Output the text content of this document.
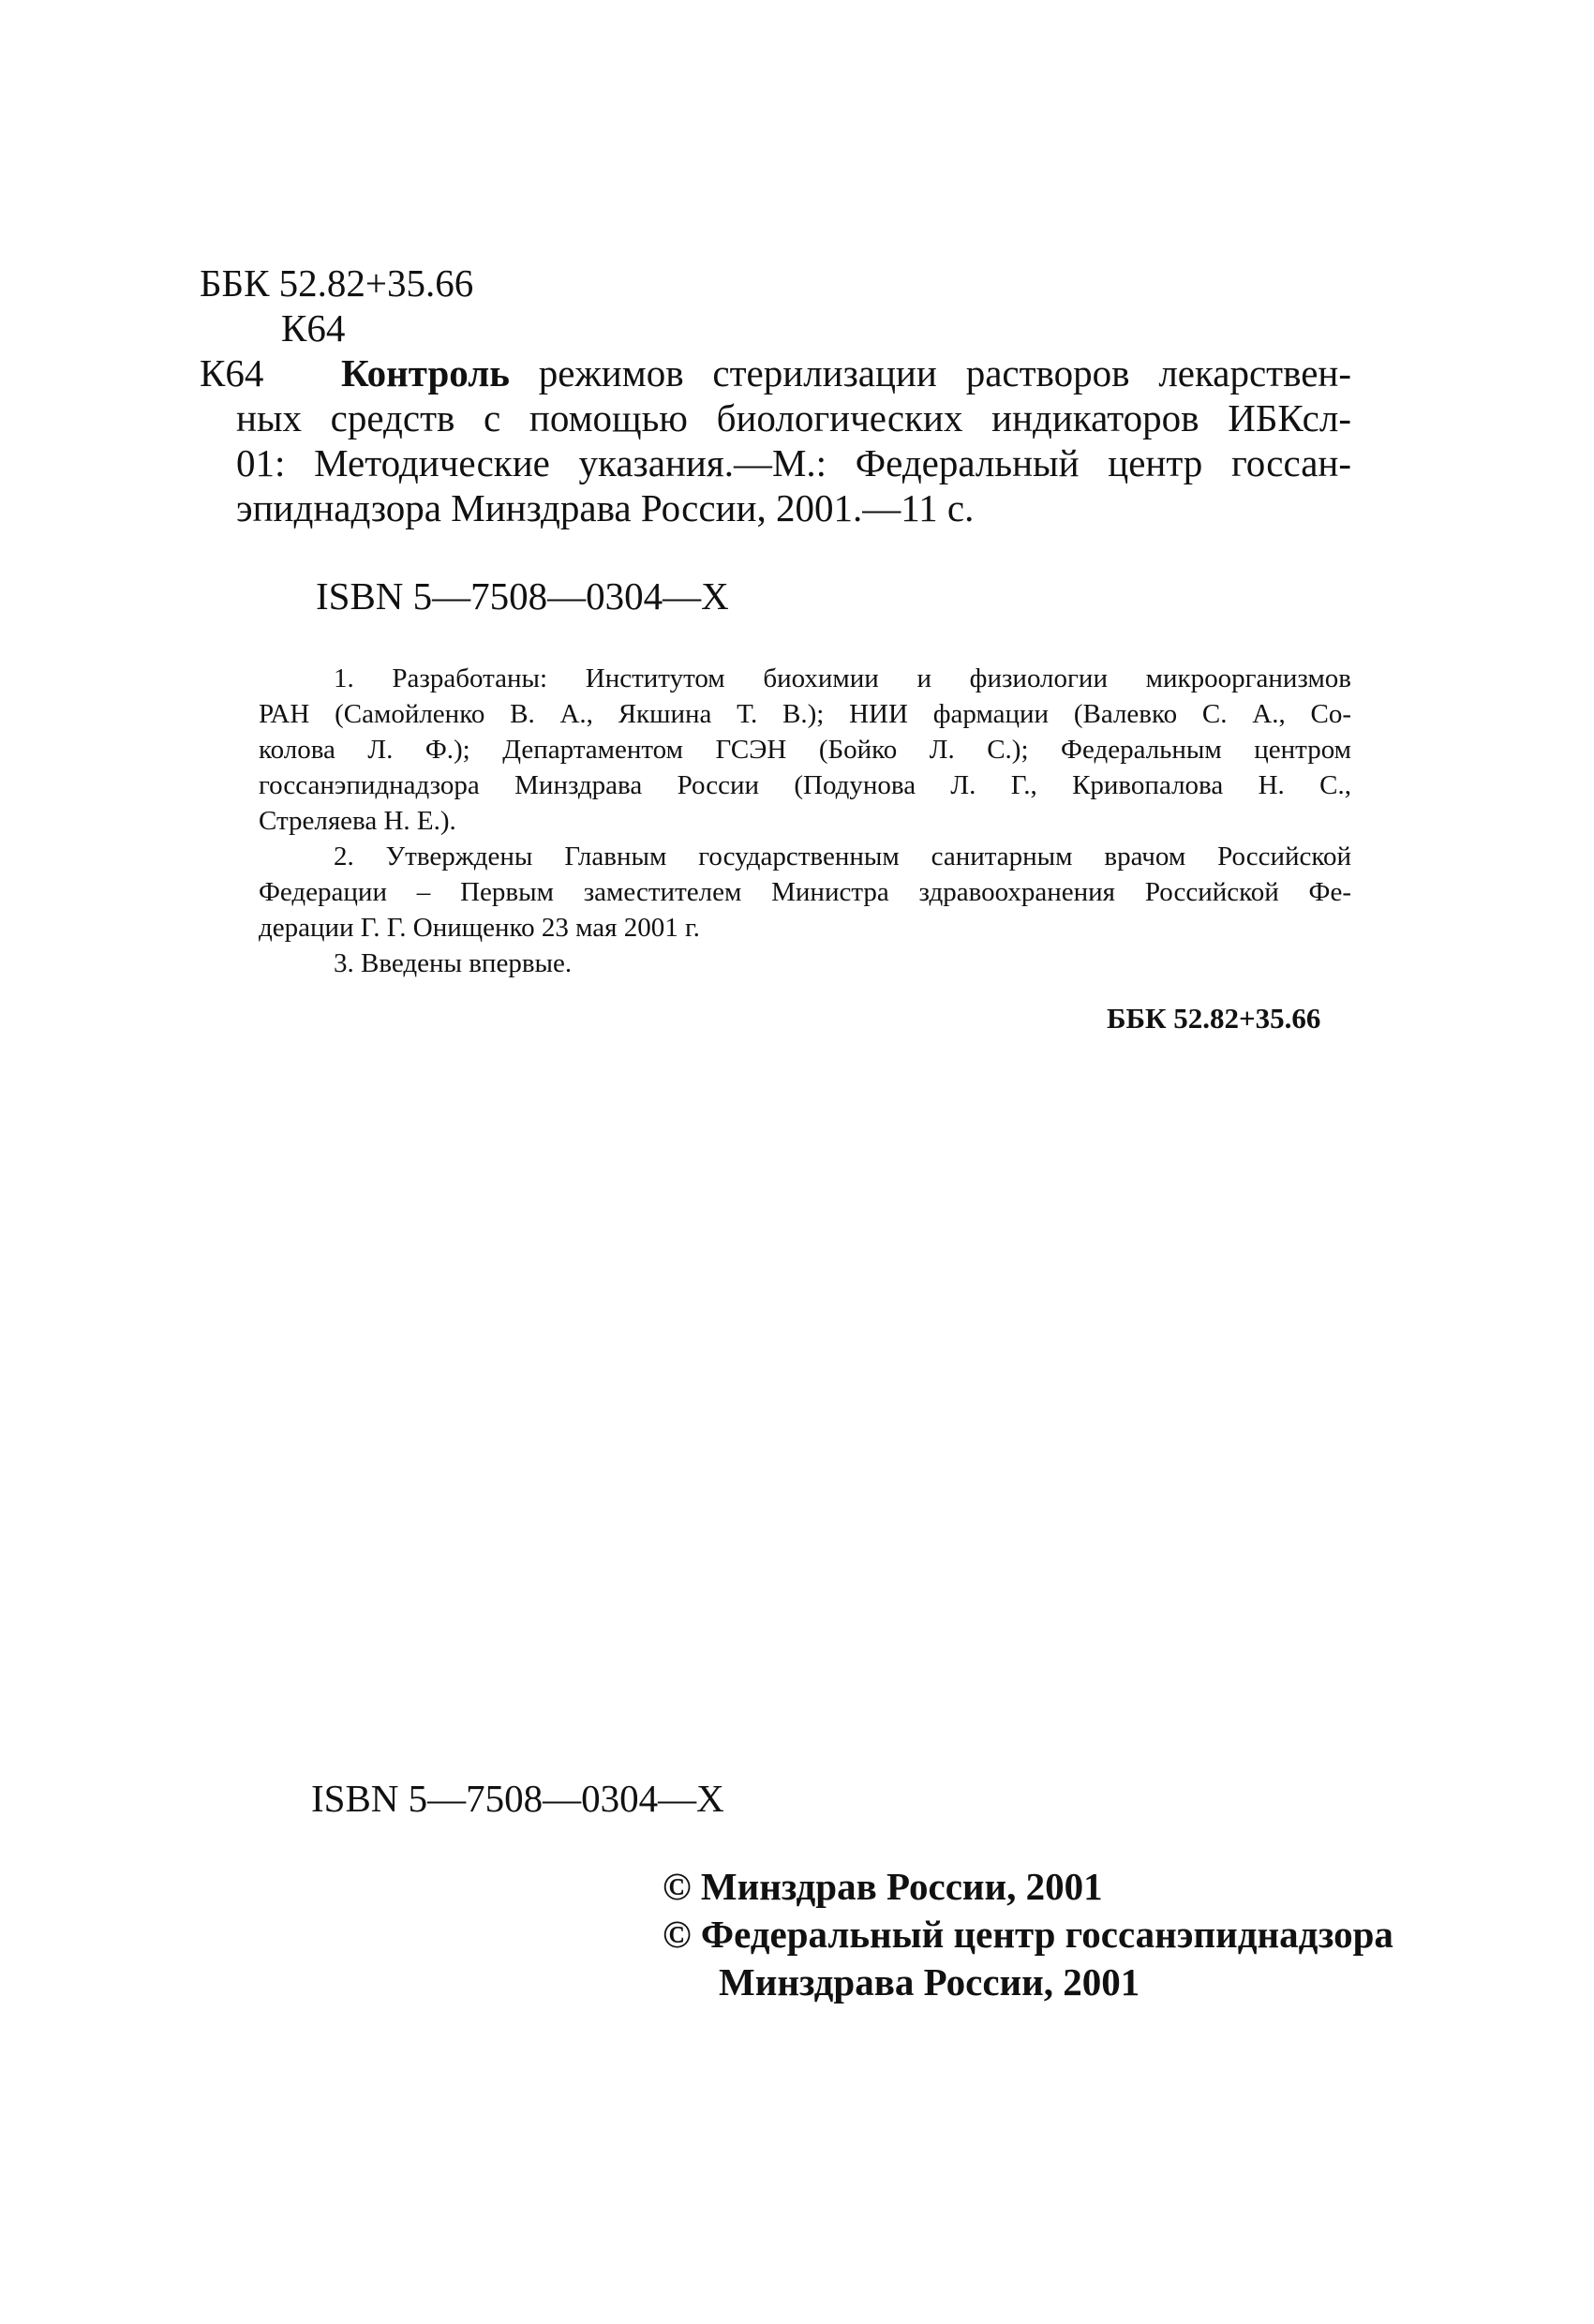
ББК 52.82+35.66
К64
К64 Контроль режимов стерилизации растворов лекарствен-
ных средств с помощью биологических индикаторов ИБКсл-
01: Методические указания.—М.: Федеральный центр госсан-
эпиднадзора Минздрава России, 2001.—11 с.
ISBN 5—7508—0304—X
1. Разработаны: Институтом биохимии и физиологии микроорганизмов
РАН (Самойленко В. А., Якшина Т. В.); НИИ фармации (Валевко С. А., Со-
колова Л. Ф.); Департаментом ГСЭН (Бойко Л. С.); Федеральным центром
госсанэпиднадзора Минздрава России (Подунова Л. Г., Кривопалова Н. С.,
Стреляева Н. Е.).
2. Утверждены Главным государственным санитарным врачом Российской
Федерации – Первым заместителем Министра здравоохранения Российской Фе-
дерации Г. Г. Онищенко 23 мая 2001 г.
3. Введены впервые.
ББК 52.82+35.66
ISBN 5—7508—0304—X
© Минздрав России, 2001
© Федеральный центр госсанэпиднадзора
Минздрава России, 2001
